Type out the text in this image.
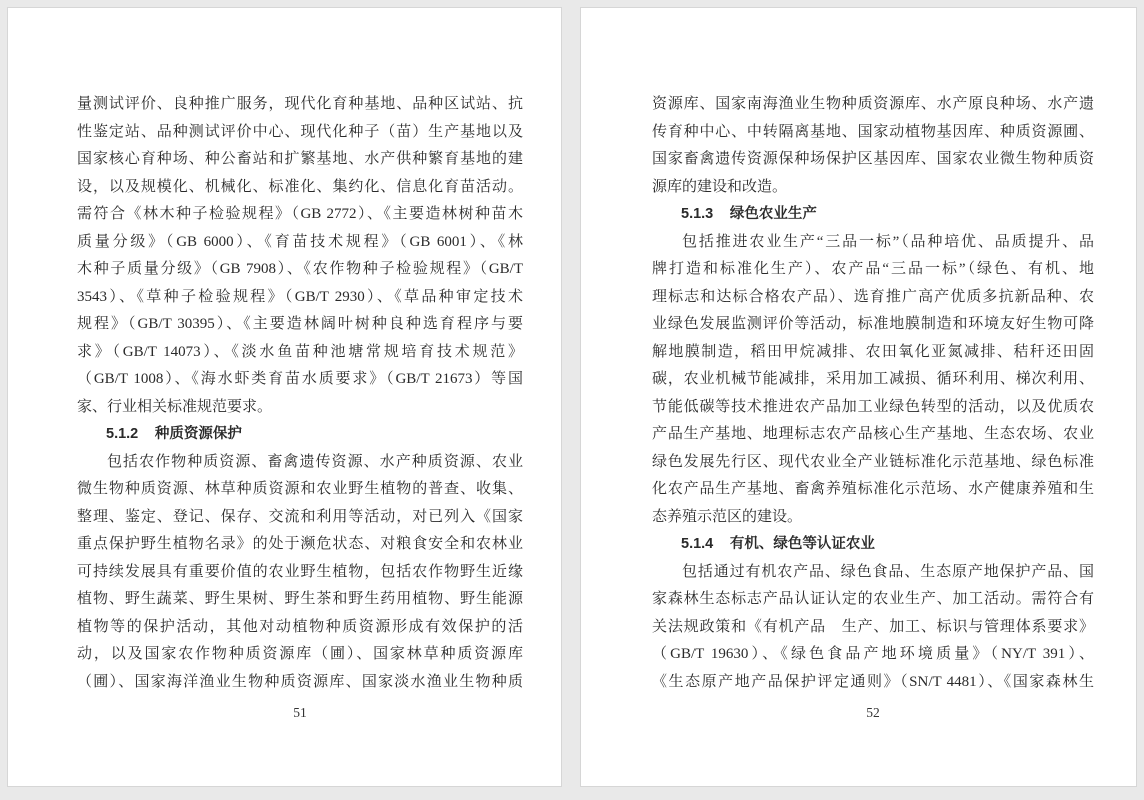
量测试评价、良种推广服务，现代化育种基地、品种区试站、抗
性鉴定站、品种测试评价中心、现代化种子（苗）生产基地以及
国家核心育种场、种公畜站和扩繁基地、水产供种繁育基地的建
设，以及规模化、机械化、标准化、集约化、信息化育苗活动。
需符合《林木种子检验规程》（GB 2772）、《主要造林树种苗木
质量分级》（GB 6000）、《育苗技术规程》（GB 6001）、《林
木种子质量分级》（GB 7908）、《农作物种子检验规程》（GB/T
3543）、《草种子检验规程》（GB/T 2930）、《草品种审定技术
规程》（GB/T 30395）、《主要造林阔叶树种良种选育程序与要
求》（GB/T 14073）、《淡水鱼苗种池塘常规培育技术规范》
（GB/T 1008）、《海水虾类育苗水质要求》（GB/T 21673）等国
家、行业相关标准规范要求。
5.1.2 种质资源保护
包括农作物种质资源、畜禽遗传资源、水产种质资源、农业
微生物种质资源、林草种质资源和农业野生植物的普查、收集、
整理、鉴定、登记、保存、交流和利用等活动，对已列入《国家
重点保护野生植物名录》的处于濒危状态、对粮食安全和农林业
可持续发展具有重要价值的农业野生植物，包括农作物野生近缘
植物、野生蔬菜、野生果树、野生茶和野生药用植物、野生能源
植物等的保护活动，其他对动植物种质资源形成有效保护的活
动，以及国家农作物种质资源库（圃）、国家林草种质资源库
（圃）、国家海洋渔业生物种质资源库、国家淡水渔业生物种质
51
资源库、国家南海渔业生物种质资源库、水产原良种场、水产遗
传育种中心、中转隔离基地、国家动植物基因库、种质资源圃、
国家畜禽遗传资源保种场保护区基因库、国家农业微生物种质资
源库的建设和改造。
5.1.3 绿色农业生产
包括推进农业生产“三品一标”（品种培优、品质提升、品
牌打造和标准化生产）、农产品“三品一标”（绿色、有机、地
理标志和达标合格农产品）、选育推广高产优质多抗新品种、农
业绿色发展监测评价等活动，标准地膜制造和环境友好生物可降
解地膜制造，稻田甲烷减排、农田氧化亚氮减排、秸秆还田固
碳，农业机械节能减排，采用加工减损、循环利用、梯次利用、
节能低碳等技术推进农产品加工业绿色转型的活动，以及优质农
产品生产基地、地理标志农产品核心生产基地、生态农场、农业
绿色发展先行区、现代农业全产业链标准化示范基地、绿色标准
化农产品生产基地、畜禽养殖标准化示范场、水产健康养殖和生
态养殖示范区的建设。
5.1.4 有机、绿色等认证农业
包括通过有机农产品、绿色食品、生态原产地保护产品、国
家森林生态标志产品认证认定的农业生产、加工活动。需符合有
关法规政策和《有机产品　生产、加工、标识与管理体系要求》
（GB/T 19630）、《绿色食品产地环境质量》（NY/T 391）、
《生态原产地产品保护评定通则》（SN/T 4481）、《国家森林生
52
